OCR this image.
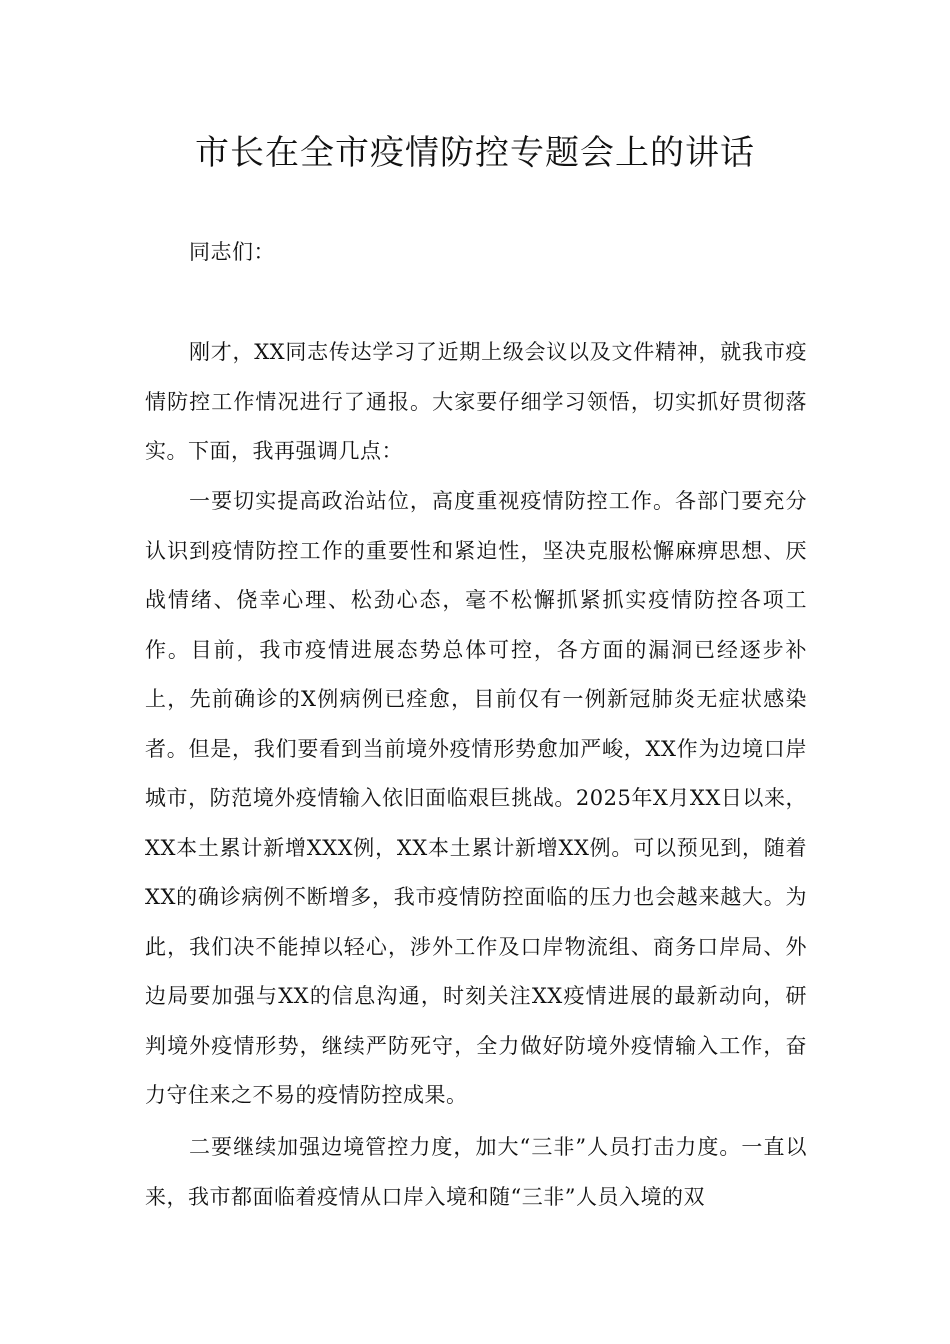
市长在全市疫情防控专题会上的讲话

同志们：

刚才，XX同志传达学习了近期上级会议以及文件精神，就我市疫情防控工作情况进行了通报。大家要仔细学习领悟，切实抓好贯彻落实。下面，我再强调几点：

一要切实提高政治站位，高度重视疫情防控工作。各部门要充分认识到疫情防控工作的重要性和紧迫性，坚决克服松懈麻痹思想、厌战情绪、侥幸心理、松劲心态，毫不松懈抓紧抓实疫情防控各项工作。目前，我市疫情进展态势总体可控，各方面的漏洞已经逐步补上，先前确诊的X例病例已痊愈，目前仅有一例新冠肺炎无症状感染者。但是，我们要看到当前境外疫情形势愈加严峻，XX作为边境口岸城市，防范境外疫情输入依旧面临艰巨挑战。2025年X月XX日以来，XX本土累计新增XXX例，XX本土累计新增XX例。可以预见到，随着XX的确诊病例不断增多，我市疫情防控面临的压力也会越来越大。为此，我们决不能掉以轻心，涉外工作及口岸物流组、商务口岸局、外边局要加强与XX的信息沟通，时刻关注XX疫情进展的最新动向，研判境外疫情形势，继续严防死守，全力做好防境外疫情输入工作，奋力守住来之不易的疫情防控成果。

二要继续加强边境管控力度，加大“三非”人员打击力度。一直以来，我市都面临着疫情从口岸入境和随“三非”人员入境的双
